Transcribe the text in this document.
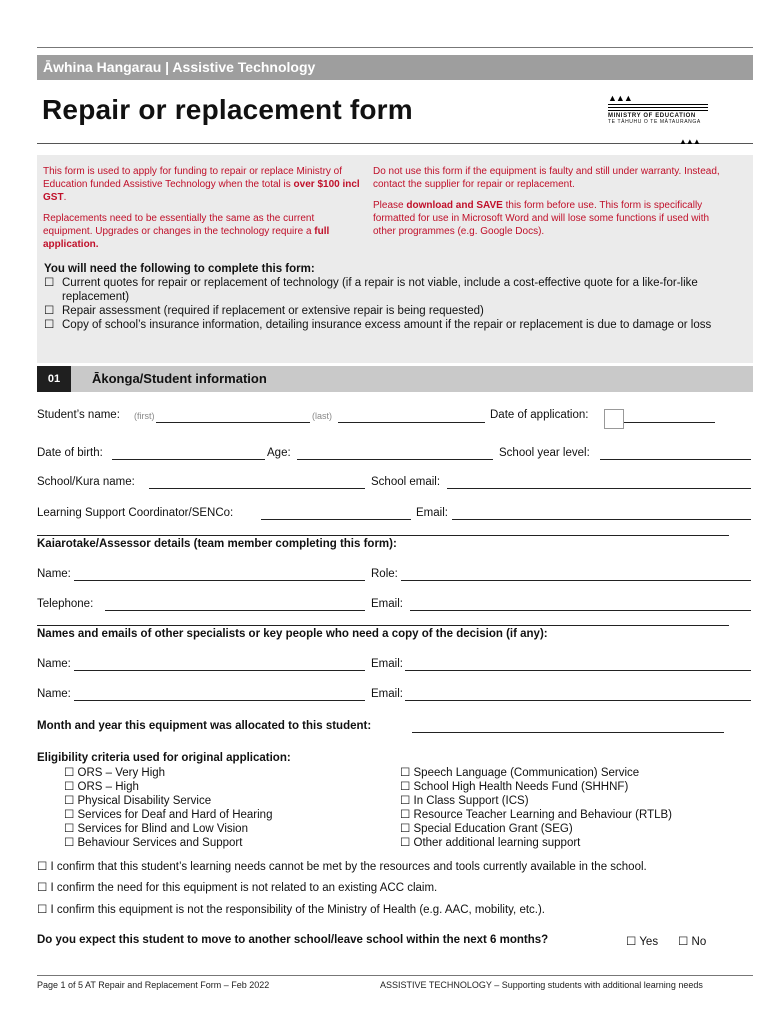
Āwhina Hangarau | Assistive Technology
Repair or replacement form	▲▲▲
MINISTRY OF EDUCATION
TE TĀHUHU O TE MĀTAURANGA
▲▲▲

This form is used to apply for funding to repair or replace Ministry of Education funded Assistive Technology when the total is over $100 incl GST.

Replacements need to be essentially the same as the current equipment. Upgrades or changes in the technology require a full application.

Do not use this form if the equipment is faulty and still under warranty. Instead, contact the supplier for repair or replacement.

Please download and SAVE this form before use. This form is specifically formatted for use in Microsoft Word and will lose some functions if used with other programmes (e.g. Google Docs).

You will need the following to complete this form:
☐ Current quotes for repair or replacement of technology (if a repair is not viable, include a cost-effective quote for a like-for-like replacement)
☐ Repair assessment (required if replacement or extensive repair is being requested)
☐ Copy of school’s insurance information, detailing insurance excess amount if the repair or replacement is due to damage or loss
01	Ākonga/Student information
Student’s name: (first)	(last)	Date of application:
Date of birth:	Age:	School year level:
School/Kura name:	School email:
Learning Support Coordinator/SENCo:	Email:
Kaiarotake/Assessor details (team member completing this form):
Name:	Role:
Telephone:	Email:
Names and emails of other specialists or key people who need a copy of the decision (if any):
Name:	Email:
Name:	Email:
Month and year this equipment was allocated to this student:
Eligibility criteria used for original application:
☐ ORS – Very High
☐ ORS – High
☐ Physical Disability Service
☐ Services for Deaf and Hard of Hearing
☐ Services for Blind and Low Vision
☐ Behaviour Services and Support
☐ Speech Language (Communication) Service
☐ School High Health Needs Fund (SHHNF)
☐ In Class Support (ICS)
☐ Resource Teacher Learning and Behaviour (RTLB)
☐ Special Education Grant (SEG)
☐ Other additional learning support
☐ I confirm that this student’s learning needs cannot be met by the resources and tools currently available in the school.
☐ I confirm the need for this equipment is not related to an existing ACC claim.
☐ I confirm this equipment is not the responsibility of the Ministry of Health (e.g. AAC, mobility, etc.).
Do you expect this student to move to another school/leave school within the next 6 months?	☐ Yes ☐ No
Page 1 of 5 AT Repair and Replacement Form – Feb 2022	ASSISTIVE TECHNOLOGY – Supporting students with additional learning needs
